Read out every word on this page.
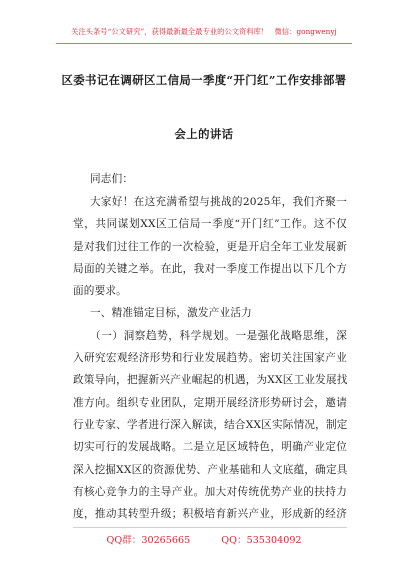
关注头条号“公文研究”，获得最新最全最专业的公文资料库！ 微信：gongwenyj
区委书记在调研区工信局一季度“开门红”工作安排部署
会上的讲话
同志们：
大家好！在这充满希望与挑战的2025年，我们齐聚一
堂，共同谋划XX区工信局一季度“开门红”工作。这不仅
是对我们过往工作的一次检验，更是开启全年工业发展新
局面的关键之举。在此，我对一季度工作提出以下几个方
面的要求。
一、精准锚定目标，激发产业活力
（一）洞察趋势，科学规划。一是强化战略思维，深
入研究宏观经济形势和行业发展趋势。密切关注国家产业
政策导向，把握新兴产业崛起的机遇，为XX区工业发展找
准方向。组织专业团队，定期开展经济形势研讨会，邀请
行业专家、学者进行深入解读，结合XX区实际情况，制定
切实可行的发展战略。二是立足区域特色，明确产业定位
深入挖掘XX区的资源优势、产业基础和人文底蕴，确定具
有核心竞争力的主导产业。加大对传统优势产业的扶持力
度，推动其转型升级；积极培育新兴产业，形成新的经济
QQ群：30265665	QQ：535304092
